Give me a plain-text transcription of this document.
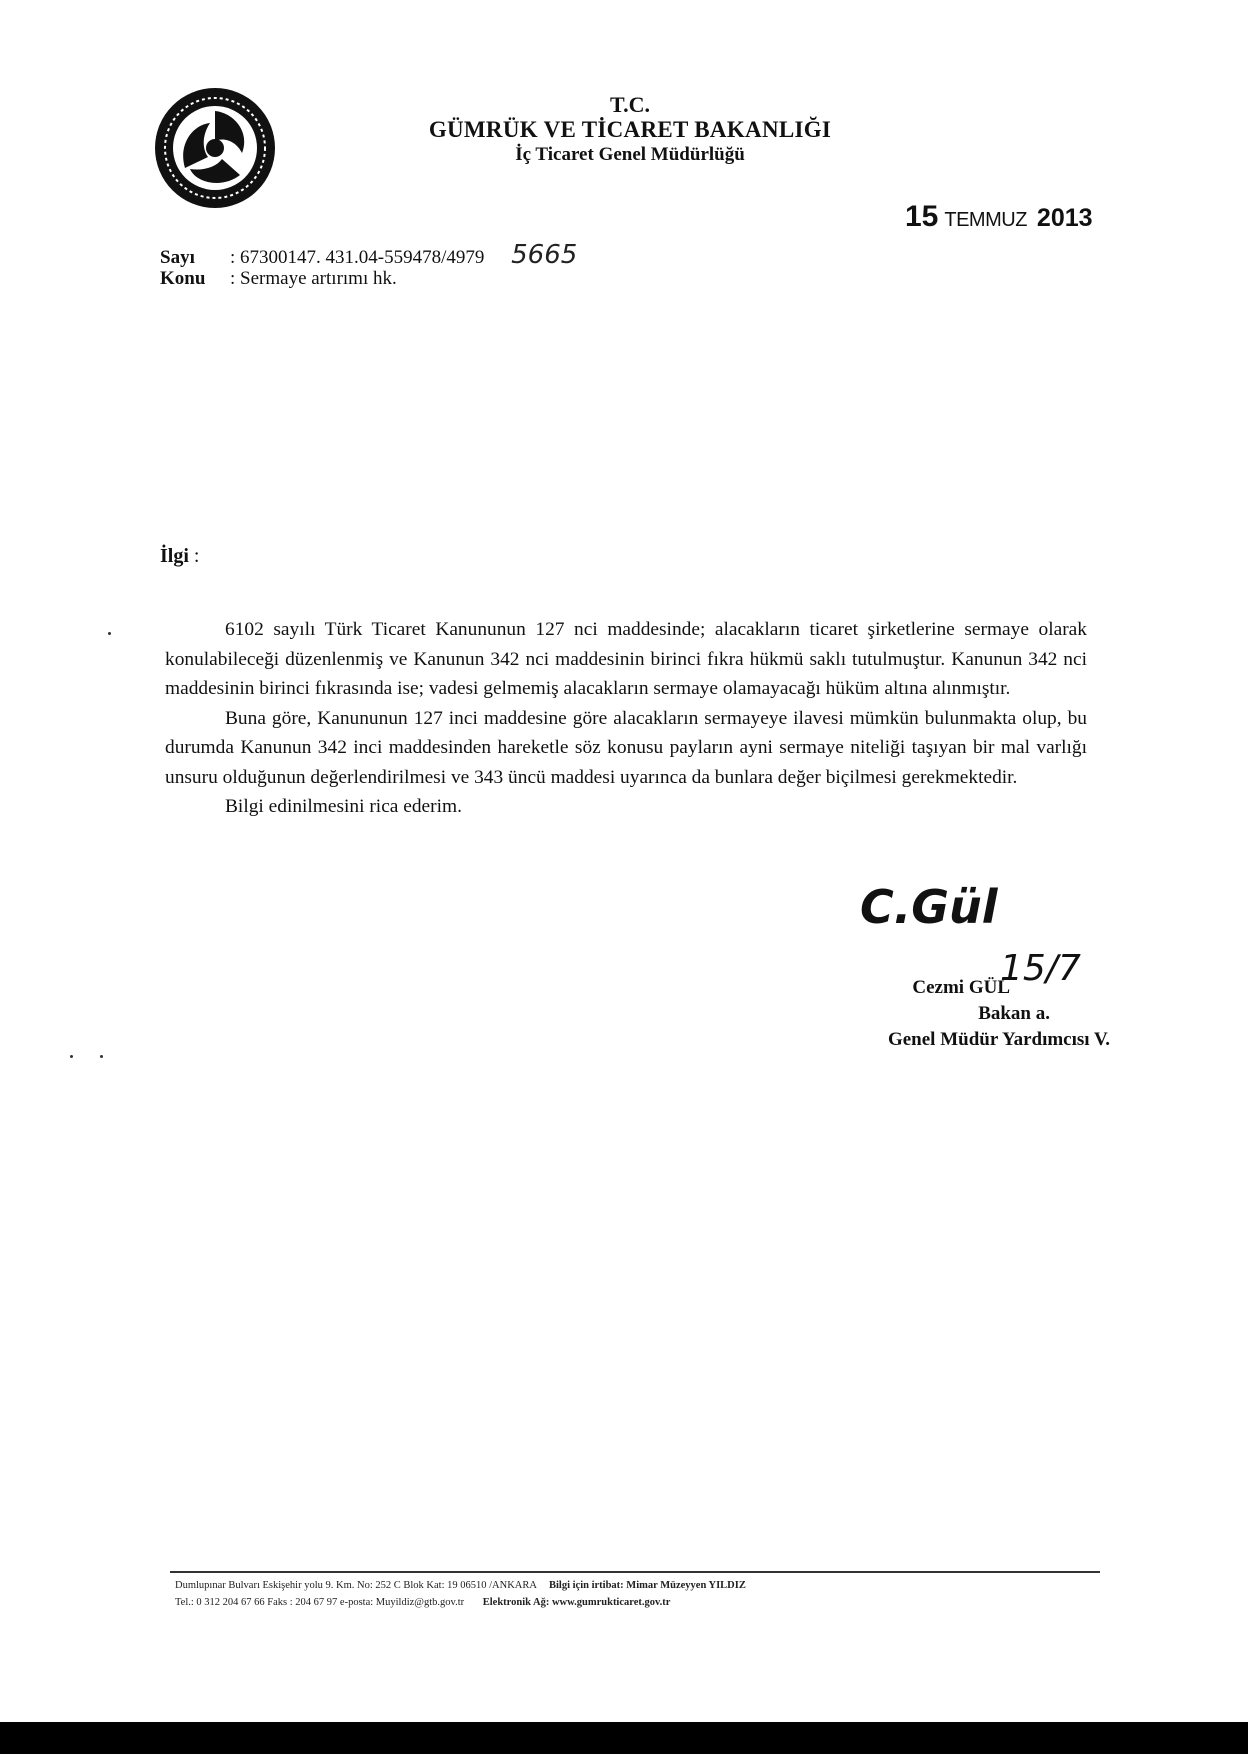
T.C.
GÜMRÜK VE TİCARET BAKANLIĞI
İç Ticaret Genel Müdürlüğü
15 TEMMUZ 2013
Sayı : 67300147. 431.04-559478/4979 5665
Konu : Sermaye artırımı hk.
İlgi :

6102 sayılı Türk Ticaret Kanununun 127 nci maddesinde; alacakların ticaret şirketlerine sermaye olarak konulabileceği düzenlenmiş ve Kanunun 342 nci maddesinin birinci fıkra hükmü saklı tutulmuştur. Kanunun 342 nci maddesinin birinci fıkrasında ise; vadesi gelmemiş alacakların sermaye olamayacağı hüküm altına alınmıştır.

Buna göre, Kanununun 127 inci maddesine göre alacakların sermayeye ilavesi mümkün bulunmakta olup, bu durumda Kanunun 342 inci maddesinden hareketle söz konusu payların ayni sermaye niteliği taşıyan bir mal varlığı unsuru olduğunun değerlendirilmesi ve 343 üncü maddesi uyarınca da bunlara değer biçilmesi gerekmektedir.

Bilgi edinilmesini rica ederim.

C.Gül
15/7
Cezmi GÜL
Bakan a.
Genel Müdür Yardımcısı V.
Dumlupınar Bulvarı Eskişehir yolu 9. Km. No: 252 C Blok Kat: 19 06510 /ANKARA Bilgi için irtibat: Mimar Müzeyyen YILDIZ
Tel.: 0 312 204 67 66 Faks : 204 67 97 e-posta: Muyildiz@gtb.gov.tr Elektronik Ağ: www.gumrukticaret.gov.tr
